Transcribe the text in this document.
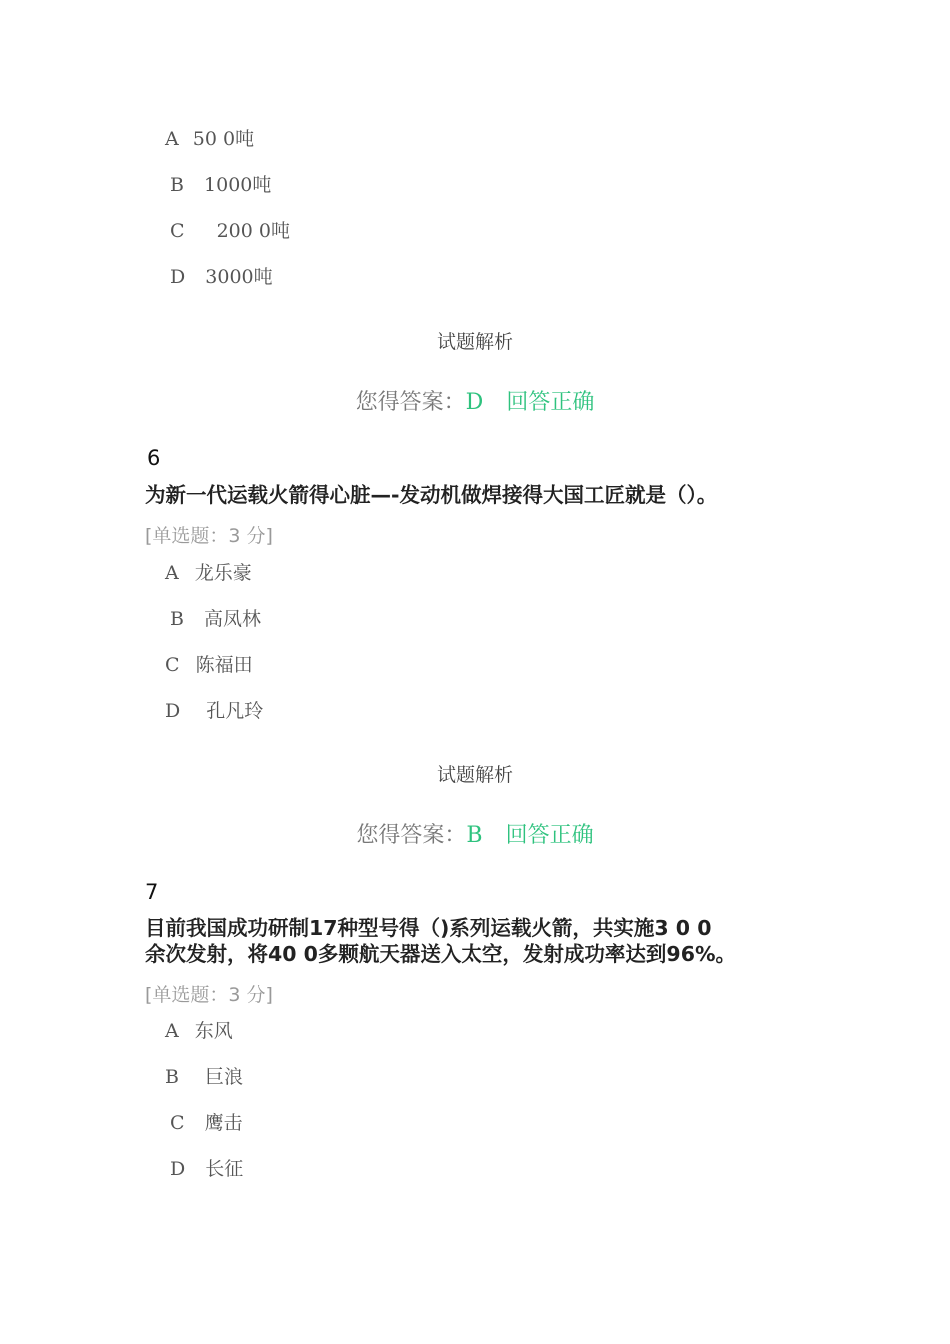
A 50 0吨
B 1000吨
C 200 0吨
D 3000吨
试题解析
您得答案：D 回答正确
6
为新一代运载火箭得心脏—-发动机做焊接得大国工匠就是（）。
[单选题：3 分]
A 龙乐豪
B 高凤林
C 陈福田
D 孔凡玲
试题解析
您得答案：B 回答正确
7
目前我国成功研制17种型号得（)系列运载火箭，共实施3 0 0
余次发射，将40 0多颗航天器送入太空，发射成功率达到96%。
[单选题：3 分]
A 东风
B 巨浪
C 鹰击
D 长征
